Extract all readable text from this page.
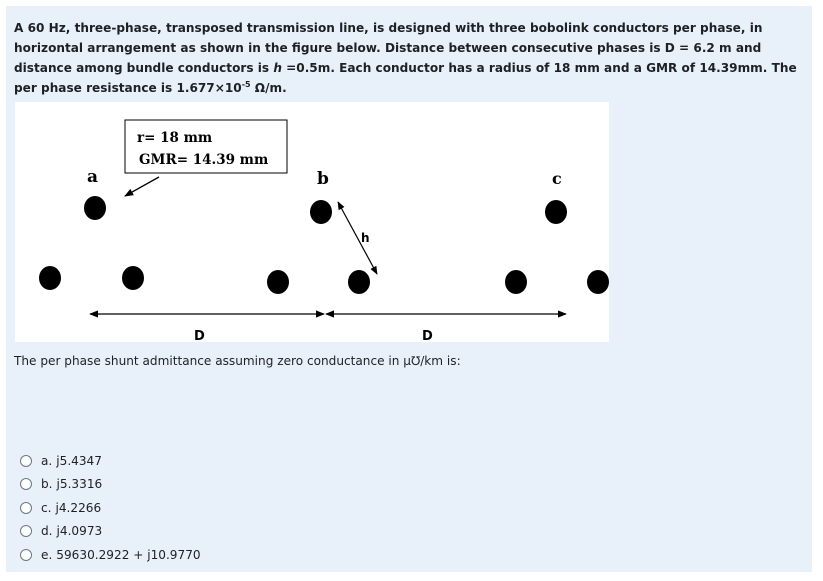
A 60 Hz, three-phase, transposed transmission line, is designed with three bobolink conductors per phase, in horizontal arrangement as shown in the figure below. Distance between consecutive phases is D = 6.2 m and distance among bundle conductors is h =0.5m. Each conductor has a radius of 18 mm and a GMR of 14.39mm. The per phase resistance is $1.677\times 10^{-5}$ Ω/m.

r= 18 mm
GMR= 14.39 mm
a	b	c
h
D	D

The per phase shunt admittance assuming zero conductance in µ℧/km is:

a. j5.4347
b. j5.3316
c. j4.2266
d. j4.0973
e. 59630.2922 + j10.9770
